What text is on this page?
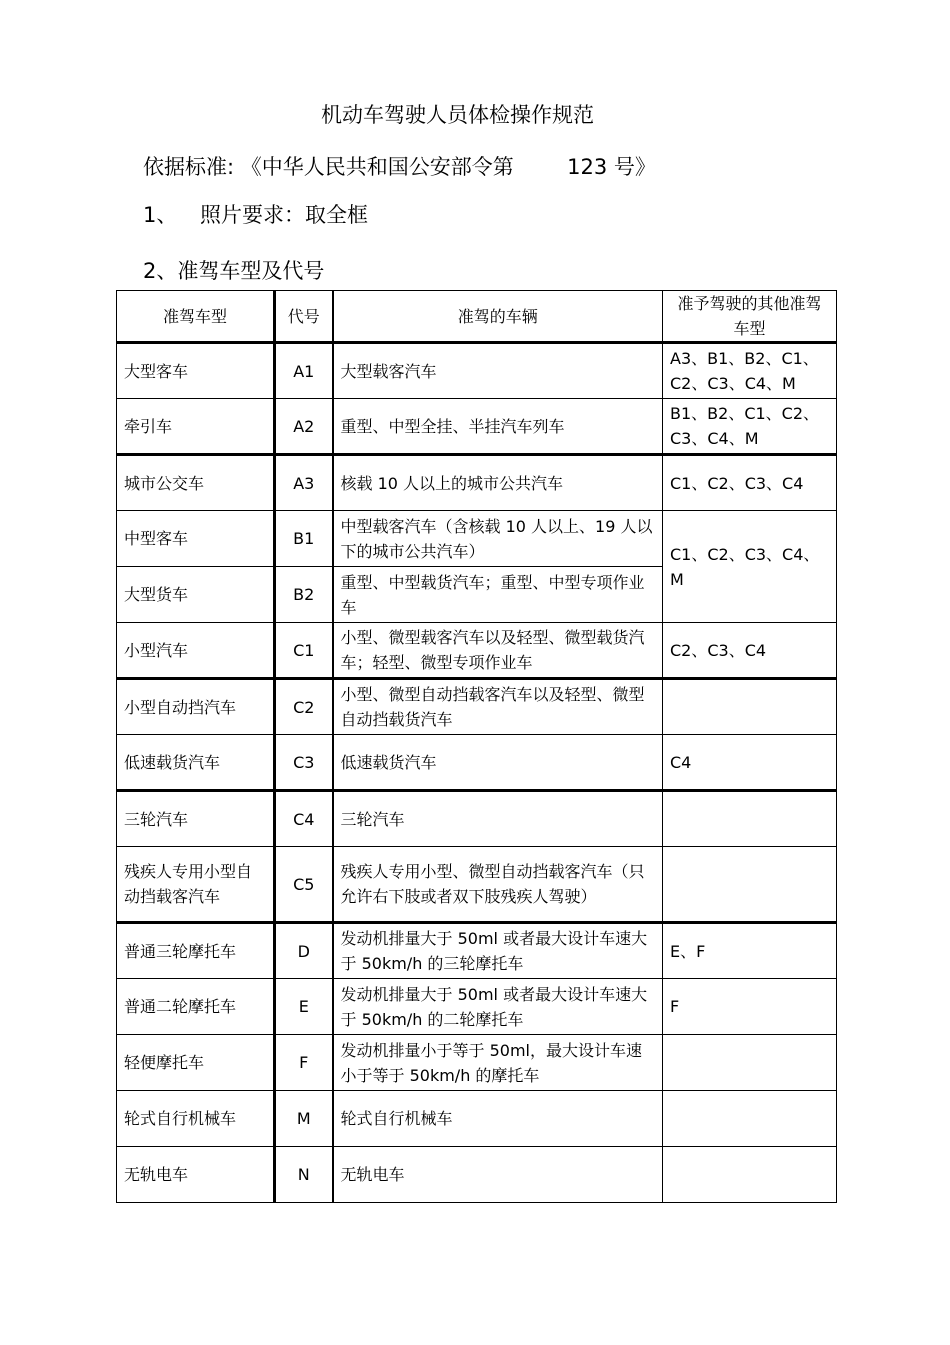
机动车驾驶人员体检操作规范
依据标准: 《中华人民共和国公安部令第	123 号》
1、 照片要求：取全框
2、准驾车型及代号
准驾车型	代号	准驾的车辆	准予驾驶的其他准驾车型
大型客车	A1	大型载客汽车	A3、B1、B2、C1、C2、C3、C4、M
牵引车	A2	重型、中型全挂、半挂汽车列车	B1、B2、C1、C2、C3、C4、M
城市公交车	A3	核载 10 人以上的城市公共汽车	C1、C2、C3、C4
中型客车	B1	中型载客汽车（含核载 10 人以上、19 人以下的城市公共汽车）	C1、C2、C3、C4、M
大型货车	B2	重型、中型载货汽车；重型、中型专项作业车	
小型汽车	C1	小型、微型载客汽车以及轻型、微型载货汽车；轻型、微型专项作业车	C2、C3、C4
小型自动挡汽车	C2	小型、微型自动挡载客汽车以及轻型、微型自动挡载货汽车	
低速载货汽车	C3	低速载货汽车	C4
三轮汽车	C4	三轮汽车	
残疾人专用小型自动挡载客汽车	C5	残疾人专用小型、微型自动挡载客汽车（只允许右下肢或者双下肢残疾人驾驶）	
普通三轮摩托车	D	发动机排量大于 50ml 或者最大设计车速大于 50km/h 的三轮摩托车	E、F
普通二轮摩托车	E	发动机排量大于 50ml 或者最大设计车速大于 50km/h 的二轮摩托车	F
轻便摩托车	F	发动机排量小于等于 50ml，最大设计车速小于等于 50km/h 的摩托车	
轮式自行机械车	M	轮式自行机械车	
无轨电车	N	无轨电车	
